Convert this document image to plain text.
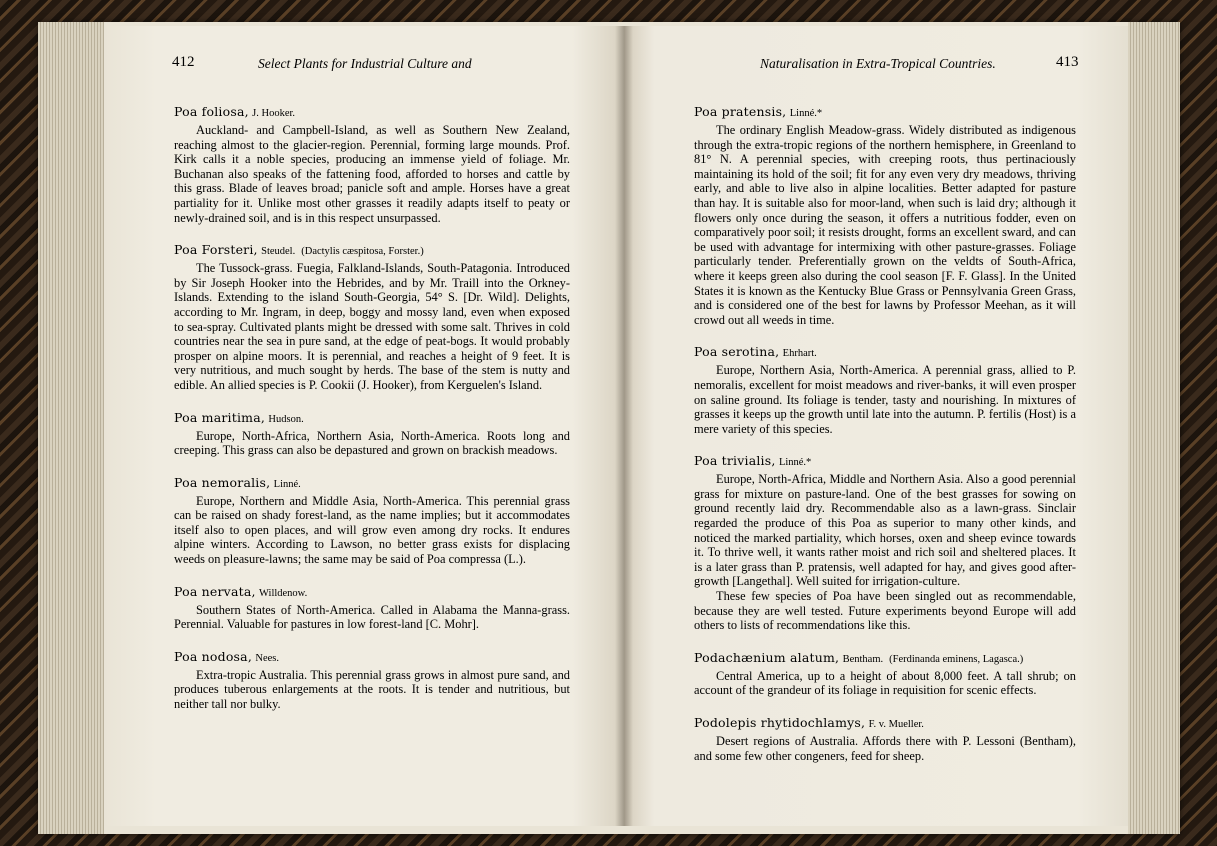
412	Select Plants for Industrial Culture and	Naturalisation in Extra-Tropical Countries.	413
Poa foliosa, J. Hooker.

Auckland- and Campbell-Island, as well as Southern New Zealand, reaching almost to the glacier-region. Perennial, forming large mounds. Prof. Kirk calls it a noble species, producing an immense yield of foliage. Mr. Buchanan also speaks of the fattening food, afforded to horses and cattle by this grass. Blade of leaves broad; panicle soft and ample. Horses have a great partiality for it. Unlike most other grasses it readily adapts itself to peaty or newly-drained soil, and is in this respect unsurpassed.

Poa Forsteri, Steudel. (Dactylis cæspitosa, Forster.)

The Tussock-grass. Fuegia, Falkland-Islands, South-Patagonia. Introduced by Sir Joseph Hooker into the Hebrides, and by Mr. Traill into the Orkney-Islands. Extending to the island South-Georgia, 54° S. [Dr. Wild]. Delights, according to Mr. Ingram, in deep, boggy and mossy land, even when exposed to sea-spray. Cultivated plants might be dressed with some salt. Thrives in cold countries near the sea in pure sand, at the edge of peat-bogs. It would probably prosper on alpine moors. It is perennial, and reaches a height of 9 feet. It is very nutritious, and much sought by herds. The base of the stem is nutty and edible. An allied species is P. Cookii (J. Hooker), from Kerguelen's Island.

Poa maritima, Hudson.

Europe, North-Africa, Northern Asia, North-America. Roots long and creeping. This grass can also be depastured and grown on brackish meadows.

Poa nemoralis, Linné.

Europe, Northern and Middle Asia, North-America. This perennial grass can be raised on shady forest-land, as the name implies; but it accommodates itself also to open places, and will grow even among dry rocks. It endures alpine winters. According to Lawson, no better grass exists for displacing weeds on pleasure-lawns; the same may be said of Poa compressa (L.).

Poa nervata, Willdenow.

Southern States of North-America. Called in Alabama the Manna-grass. Perennial. Valuable for pastures in low forest-land [C. Mohr].

Poa nodosa, Nees.

Extra-tropic Australia. This perennial grass grows in almost pure sand, and produces tuberous enlargements at the roots. It is tender and nutritious, but neither tall nor bulky.

Poa pratensis, Linné.*

The ordinary English Meadow-grass. Widely distributed as indigenous through the extra-tropic regions of the northern hemisphere, in Greenland to 81° N. A perennial species, with creeping roots, thus pertinaciously maintaining its hold of the soil; fit for any even very dry meadows, thriving early, and able to live also in alpine localities. Better adapted for pasture than hay. It is suitable also for moor-land, when such is laid dry; although it flowers only once during the season, it offers a nutritious fodder, even on comparatively poor soil; it resists drought, forms an excellent sward, and can be used with advantage for intermixing with other pasture-grasses. Foliage particularly tender. Preferentially grown on the veldts of South-Africa, where it keeps green also during the cool season [F. F. Glass]. In the United States it is known as the Kentucky Blue Grass or Pennsylvania Green Grass, and is considered one of the best for lawns by Professor Meehan, as it will crowd out all weeds in time.

Poa serotina, Ehrhart.

Europe, Northern Asia, North-America. A perennial grass, allied to P. nemoralis, excellent for moist meadows and river-banks, it will even prosper on saline ground. Its foliage is tender, tasty and nourishing. In mixtures of grasses it keeps up the growth until late into the autumn. P. fertilis (Host) is a mere variety of this species.

Poa trivialis, Linné.*

Europe, North-Africa, Middle and Northern Asia. Also a good perennial grass for mixture on pasture-land. One of the best grasses for sowing on ground recently laid dry. Recommendable also as a lawn-grass. Sinclair regarded the produce of this Poa as superior to many other kinds, and noticed the marked partiality, which horses, oxen and sheep evince towards it. To thrive well, it wants rather moist and rich soil and sheltered places. It is a later grass than P. pratensis, well adapted for hay, and gives good after-growth [Langethal]. Well suited for irrigation-culture.

These few species of Poa have been singled out as recommendable, because they are well tested. Future experiments beyond Europe will add others to lists of recommendations like this.

Podachænium alatum, Bentham. (Ferdinanda eminens, Lagasca.)

Central America, up to a height of about 8,000 feet. A tall shrub; on account of the grandeur of its foliage in requisition for scenic effects.

Podolepis rhytidochlamys, F. v. Mueller.

Desert regions of Australia. Affords there with P. Lessoni (Bentham), and some few other congeners, feed for sheep.
